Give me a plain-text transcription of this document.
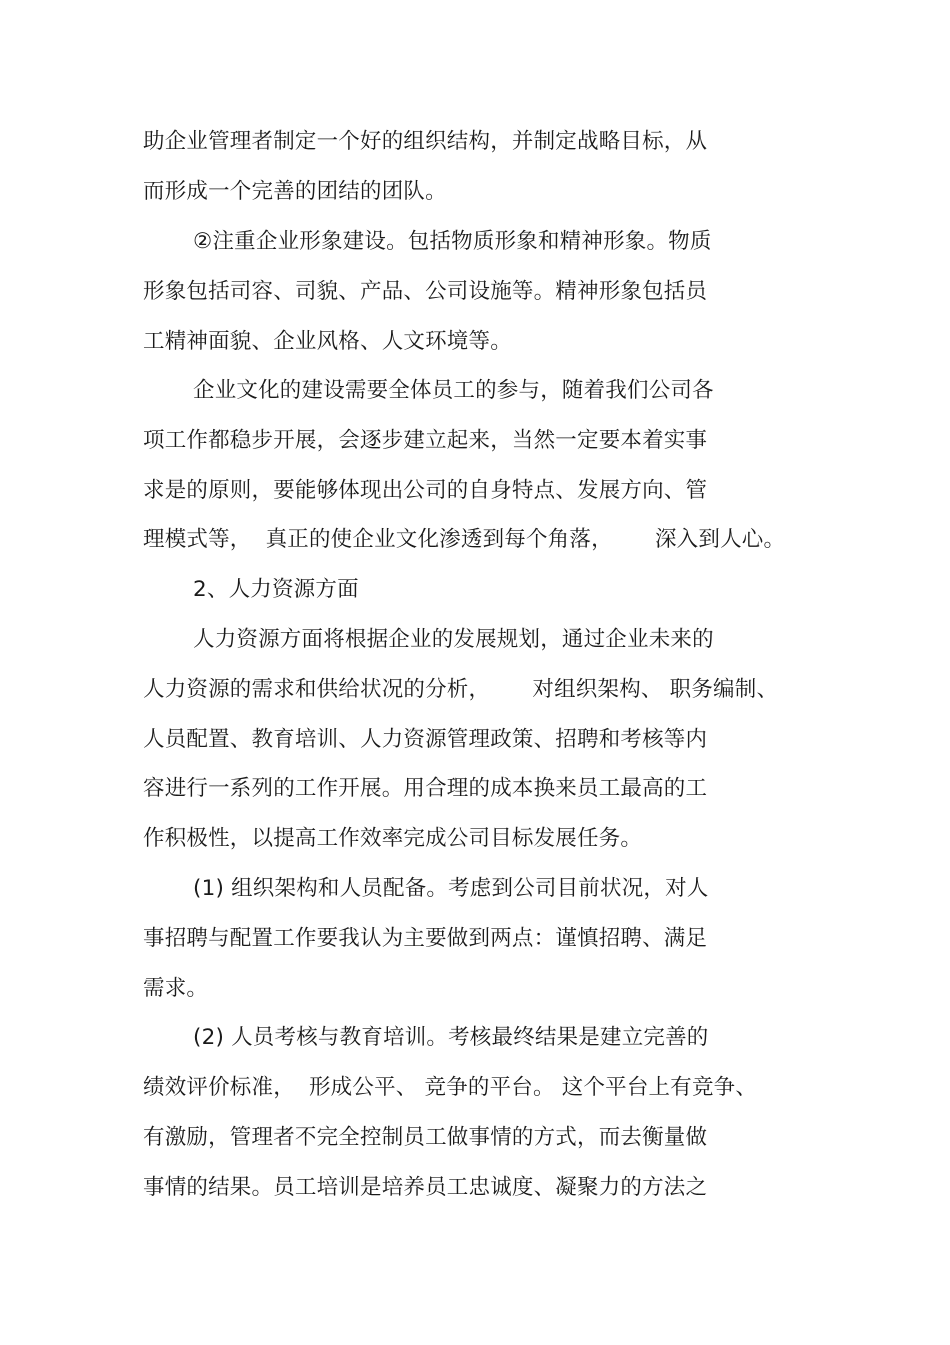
助企业管理者制定一个好的组织结构，并制定战略目标，从
而形成一个完善的团结的团队。
②注重企业形象建设。包括物质形象和精神形象。物质
形象包括司容、司貌、产品、公司设施等。精神形象包括员
工精神面貌、企业风格、人文环境等。
企业文化的建设需要全体员工的参与，随着我们公司各
项工作都稳步开展，会逐步建立起来，当然一定要本着实事
求是的原则，要能够体现出公司的自身特点、发展方向、管
理模式等，  真正的使企业文化渗透到每个角落，      深入到人心。
2、人力资源方面
人力资源方面将根据企业的发展规划，通过企业未来的
人力资源的需求和供给状况的分析，      对组织架构、 职务编制、
人员配置、教育培训、人力资源管理政策、招聘和考核等内
容进行一系列的工作开展。用合理的成本换来员工最高的工
作积极性，以提高工作效率完成公司目标发展任务。
(1) 组织架构和人员配备。考虑到公司目前状况，对人
事招聘与配置工作要我认为主要做到两点：谨慎招聘、满足
需求。
(2) 人员考核与教育培训。考核最终结果是建立完善的
绩效评价标准，  形成公平、 竞争的平台。 这个平台上有竞争、
有激励，管理者不完全控制员工做事情的方式，而去衡量做
事情的结果。员工培训是培养员工忠诚度、凝聚力的方法之
